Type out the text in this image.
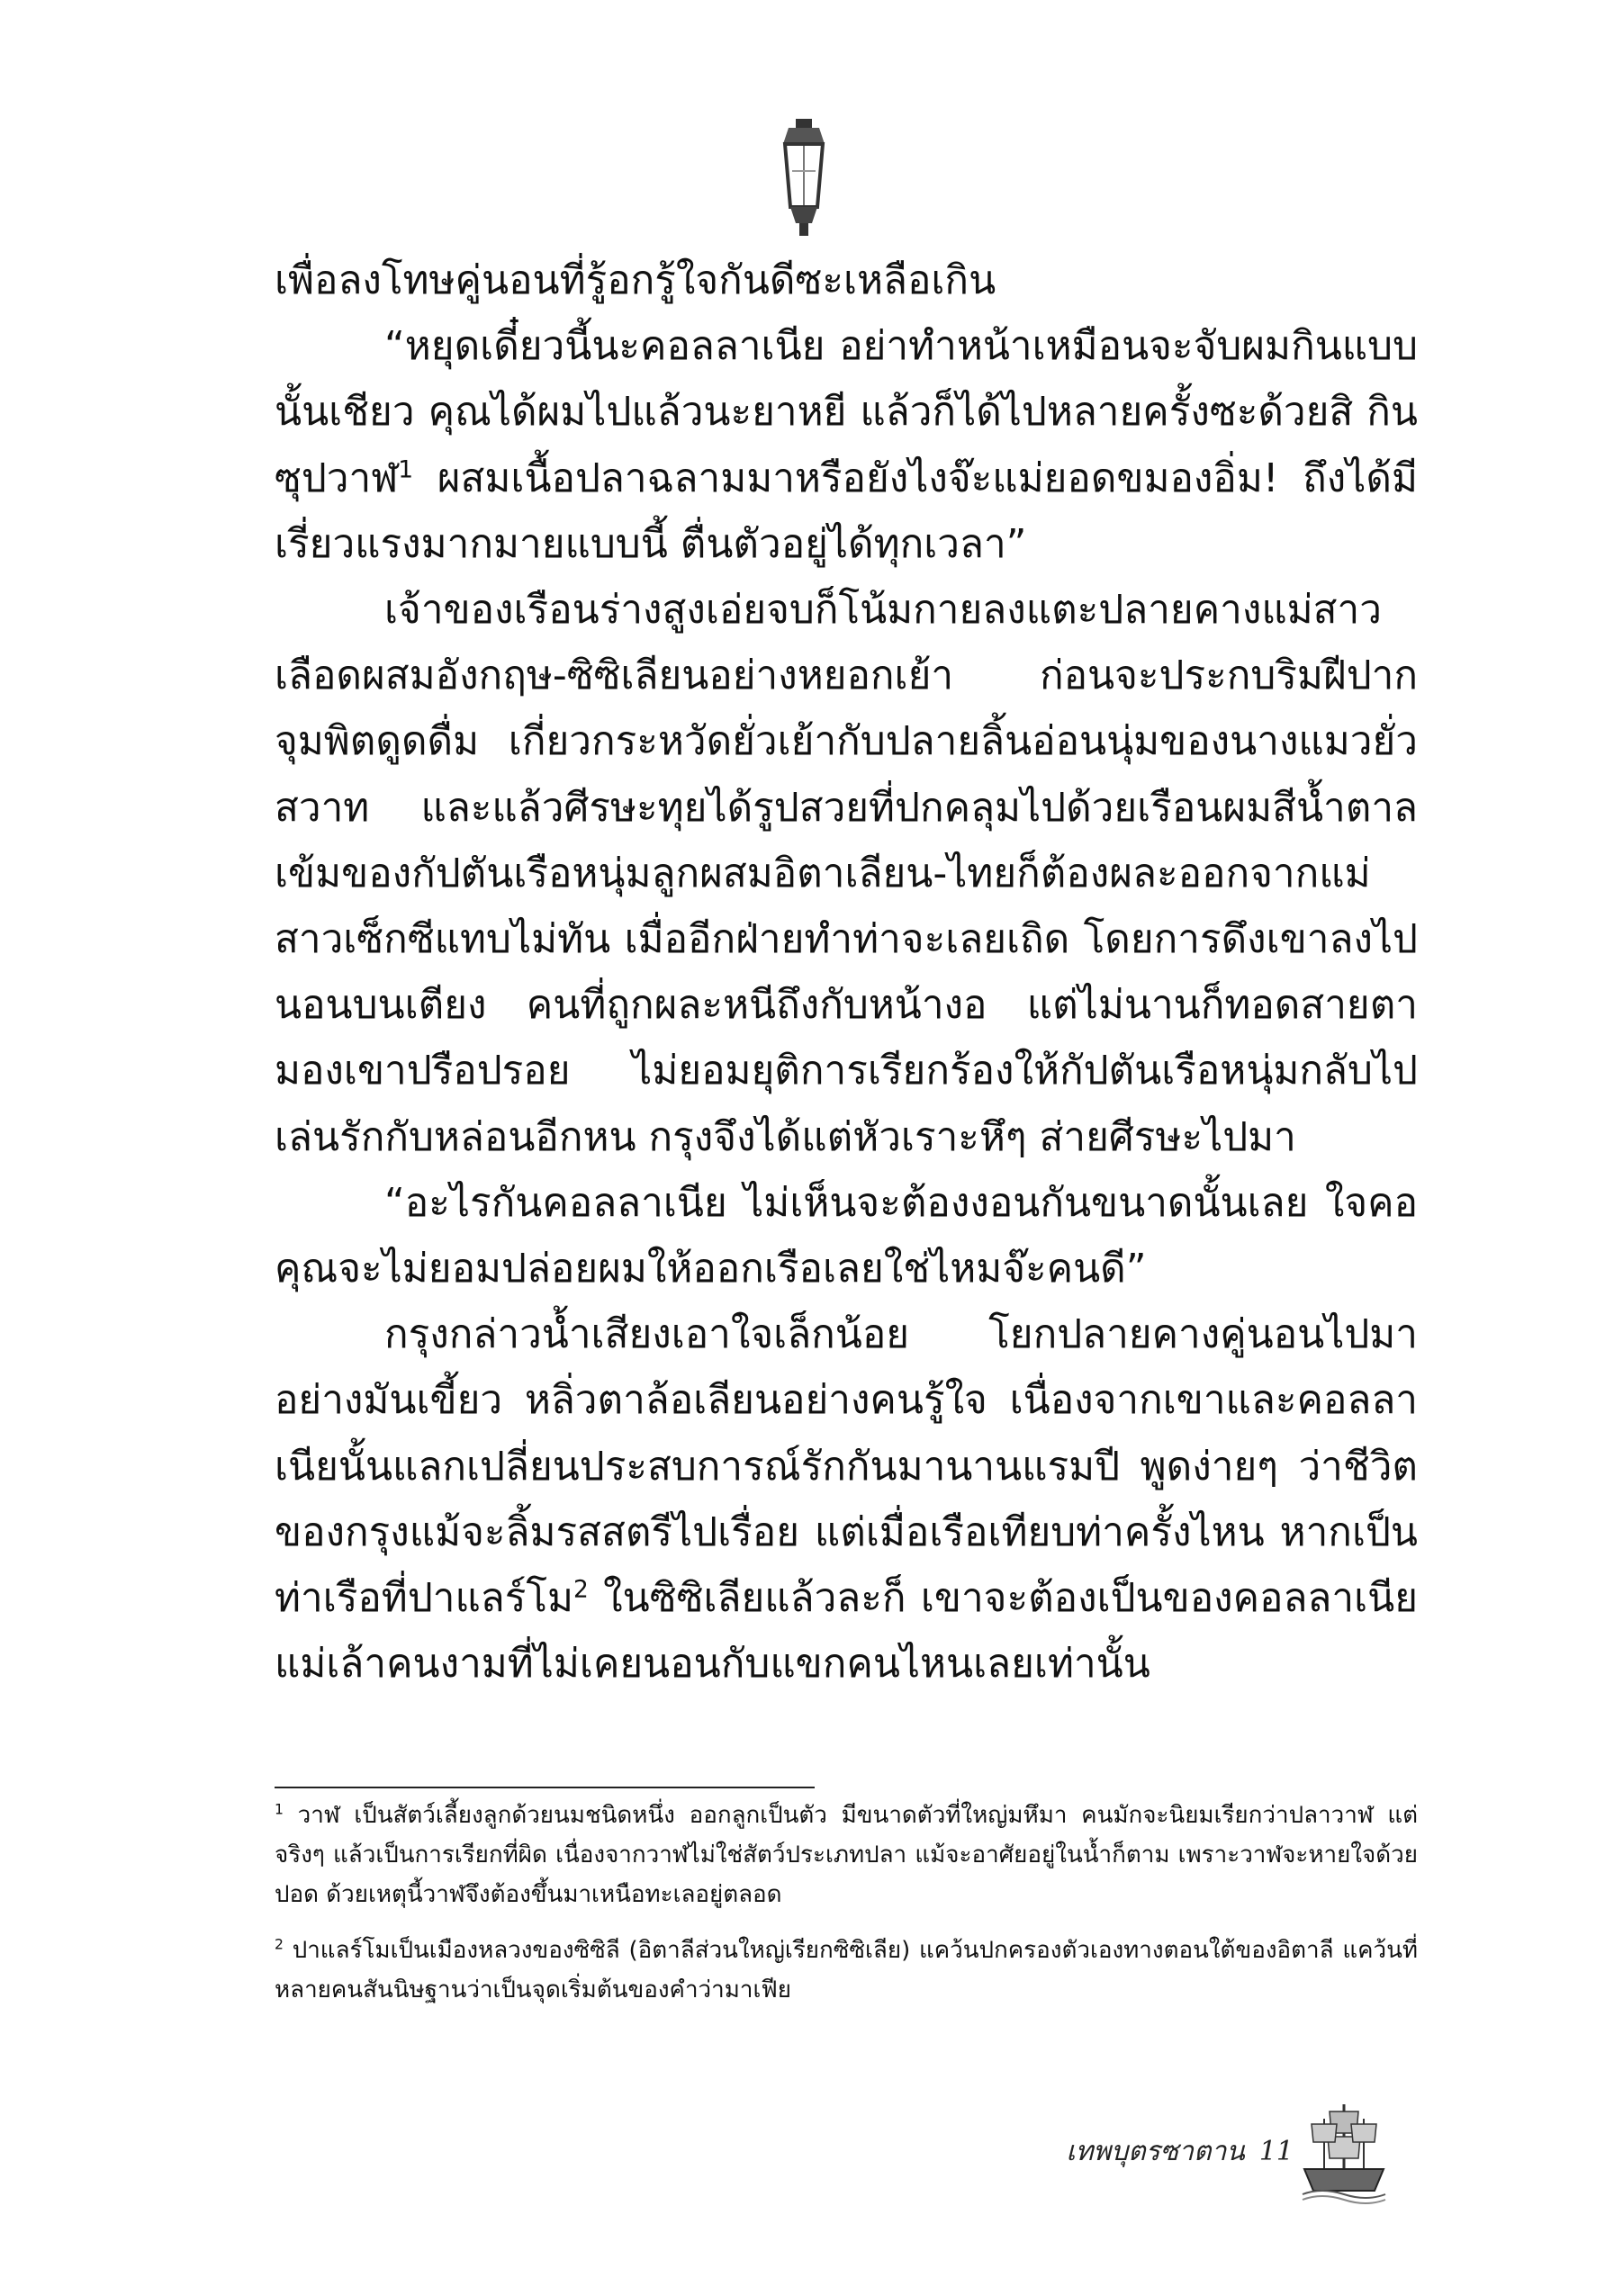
เพื่อลงโทษคู่นอนที่รู้อกรู้ใจกันดีซะเหลือเกิน

“หยุดเดี๋ยวนี้นะคอลลาเนีย อย่าทำหน้าเหมือนจะจับผมกินแบบนั้นเชียว คุณได้ผมไปแล้วนะยาหยี แล้วก็ได้ไปหลายครั้งซะด้วยสิ กินซุปวาฬ$^1$ ผสมเนื้อปลาฉลามมาหรือยังไงจ๊ะแม่ยอดขมองอิ่ม! ถึงได้มีเรี่ยวแรงมากมายแบบนี้ ตื่นตัวอยู่ได้ทุกเวลา”

เจ้าของเรือนร่างสูงเอ่ยจบก็โน้มกายลงแตะปลายคางแม่สาวเลือดผสมอังกฤษ-ซิซิเลียนอย่างหยอกเย้า ก่อนจะประกบริมฝีปากจุมพิตดูดดื่ม เกี่ยวกระหวัดยั่วเย้ากับปลายลิ้นอ่อนนุ่มของนางแมวยั่วสวาท และแล้วศีรษะทุยได้รูปสวยที่ปกคลุมไปด้วยเรือนผมสีน้ำตาลเข้มของกัปตันเรือหนุ่มลูกผสมอิตาเลียน-ไทยก็ต้องผละออกจากแม่สาวเซ็กซีแทบไม่ทัน เมื่ออีกฝ่ายทำท่าจะเลยเถิด โดยการดึงเขาลงไปนอนบนเตียง คนที่ถูกผละหนีถึงกับหน้างอ แต่ไม่นานก็ทอดสายตามองเขาปรือปรอย ไม่ยอมยุติการเรียกร้องให้กัปตันเรือหนุ่มกลับไปเล่นรักกับหล่อนอีกหน กรุงจึงได้แต่หัวเราะหึๆ ส่ายศีรษะไปมา

“อะไรกันคอลลาเนีย ไม่เห็นจะต้องงอนกันขนาดนั้นเลย ใจคอคุณจะไม่ยอมปล่อยผมให้ออกเรือเลยใช่ไหมจ๊ะคนดี”

กรุงกล่าวน้ำเสียงเอาใจเล็กน้อย โยกปลายคางคู่นอนไปมาอย่างมันเขี้ยว หลิ่วตาล้อเลียนอย่างคนรู้ใจ เนื่องจากเขาและคอลลาเนียนั้นแลกเปลี่ยนประสบการณ์รักกันมานานแรมปี พูดง่ายๆ ว่าชีวิตของกรุงแม้จะลิ้มรสสตรีไปเรื่อย แต่เมื่อเรือเทียบท่าครั้งไหน หากเป็นท่าเรือที่ปาแลร์โม$^2$ ในซิซิเลียแล้วละก็ เขาจะต้องเป็นของคอลลาเนีย แม่เล้าคนงามที่ไม่เคยนอนกับแขกคนไหนเลยเท่านั้น

$^1$ วาฬ เป็นสัตว์เลี้ยงลูกด้วยนมชนิดหนึ่ง ออกลูกเป็นตัว มีขนาดตัวที่ใหญ่มหึมา คนมักจะนิยมเรียกว่าปลาวาฬ แต่จริงๆ แล้วเป็นการเรียกที่ผิด เนื่องจากวาฬไม่ใช่สัตว์ประเภทปลา แม้จะอาศัยอยู่ในน้ำก็ตาม เพราะวาฬจะหายใจด้วยปอด ด้วยเหตุนี้วาฬจึงต้องขึ้นมาเหนือทะเลอยู่ตลอด

$^2$ ปาแลร์โมเป็นเมืองหลวงของซิซิลี (อิตาลีส่วนใหญ่เรียกซิซิเลีย) แคว้นปกครองตัวเองทางตอนใต้ของอิตาลี แคว้นที่หลายคนสันนิษฐานว่าเป็นจุดเริ่มต้นของคำว่ามาเฟีย

เทพบุตรซาตาน 11
